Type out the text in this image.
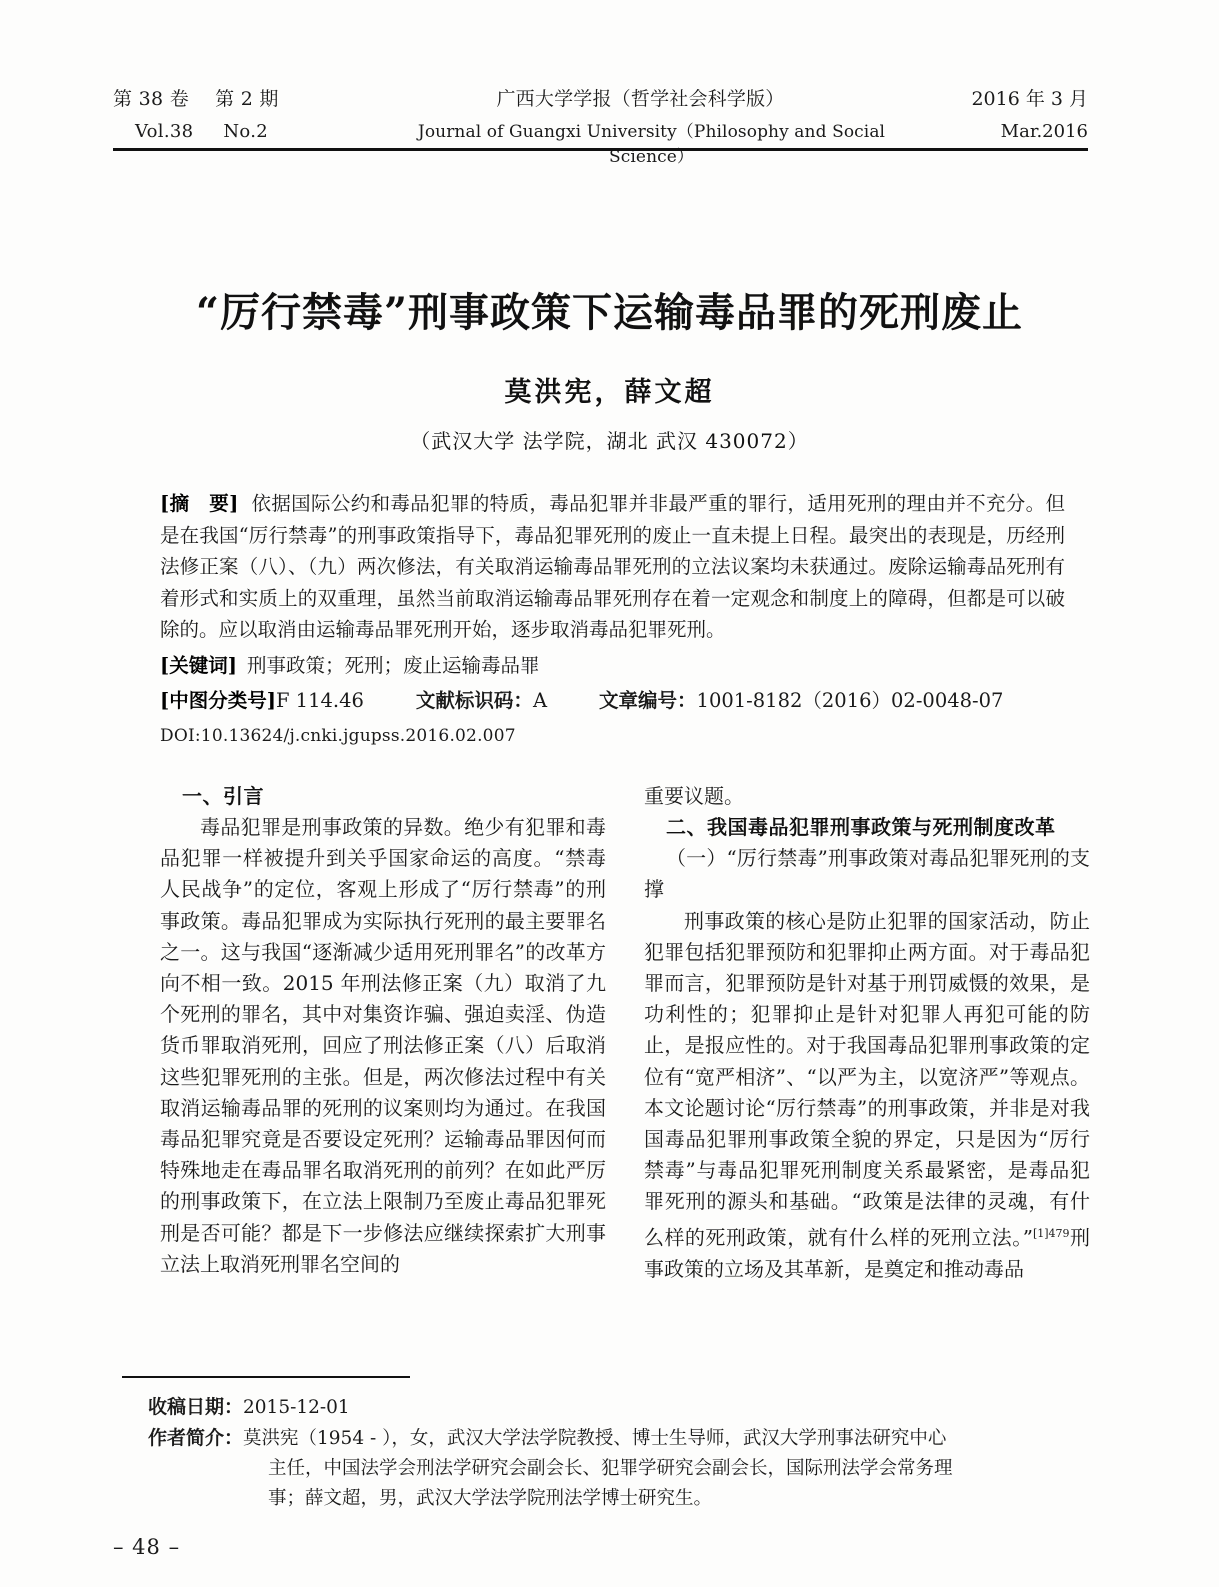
第 38 卷 第 2 期	广西大学学报（哲学社会科学版）	2016 年 3 月
Vol.38 No.2	Journal of Guangxi University（Philosophy and Social Science）
Mar.2016
“厉行禁毒”刑事政策下运输毒品罪的死刑废止
莫洪宪，薛文超
（武汉大学 法学院，湖北 武汉 430072）
[摘　要] 依据国际公约和毒品犯罪的特质，毒品犯罪并非最严重的罪行，适用死刑的理由并不充分。但是在我国“厉行禁毒”的刑事政策指导下，毒品犯罪死刑的废止一直未提上日程。最突出的表现是，历经刑法修正案（八）、（九）两次修法，有关取消运输毒品罪死刑的立法议案均未获通过。废除运输毒品死刑有着形式和实质上的双重理，虽然当前取消运输毒品罪死刑存在着一定观念和制度上的障碍，但都是可以破除的。应以取消由运输毒品罪死刑开始，逐步取消毒品犯罪死刑。
[关键词] 刑事政策；死刑；废止运输毒品罪
[中图分类号]F 114.46	文献标识码：A	文章编号：1001-8182（2016）02-0048-07
DOI:10.13624/j.cnki.jgupss.2016.02.007
一、引言
毒品犯罪是刑事政策的异数。绝少有犯罪和毒品犯罪一样被提升到关乎国家命运的高度。“禁毒人民战争”的定位，客观上形成了“厉行禁毒”的刑事政策。毒品犯罪成为实际执行死刑的最主要罪名之一。这与我国“逐渐减少适用死刑罪名”的改革方向不相一致。2015 年刑法修正案（九）取消了九个死刑的罪名，其中对集资诈骗、强迫卖淫、伪造货币罪取消死刑，回应了刑法修正案（八）后取消这些犯罪死刑的主张。但是，两次修法过程中有关取消运输毒品罪的死刑的议案则均为通过。在我国毒品犯罪究竟是否要设定死刑？运输毒品罪因何而特殊地走在毒品罪名取消死刑的前列？在如此严厉的刑事政策下，在立法上限制乃至废止毒品犯罪死刑是否可能？都是下一步修法应继续探索扩大刑事立法上取消死刑罪名空间的
重要议题。
二、我国毒品犯罪刑事政策与死刑制度改革
（一）“厉行禁毒”刑事政策对毒品犯罪死刑的支撑
刑事政策的核心是防止犯罪的国家活动，防止犯罪包括犯罪预防和犯罪抑止两方面。对于毒品犯罪而言，犯罪预防是针对基于刑罚威慑的效果，是功利性的；犯罪抑止是针对犯罪人再犯可能的防止，是报应性的。对于我国毒品犯罪刑事政策的定位有“宽严相济”、“以严为主，以宽济严”等观点。本文论题讨论“厉行禁毒”的刑事政策，并非是对我国毒品犯罪刑事政策全貌的界定，只是因为“厉行禁毒”与毒品犯罪死刑制度关系最紧密，是毒品犯罪死刑的源头和基础。“政策是法律的灵魂，有什么样的死刑政策，就有什么样的死刑立法。”$^{[1]479}$刑事政策的立场及其革新，是奠定和推动毒品
收稿日期： 2015-12-01
作者简介： 莫洪宪（1954 - ），女，武汉大学法学院教授、博士生导师，武汉大学刑事法研究中心
主任，中国法学会刑法学研究会副会长、犯罪学研究会副会长，国际刑法学会常务理
事；薛文超，男，武汉大学法学院刑法学博士研究生。
– 48 –
